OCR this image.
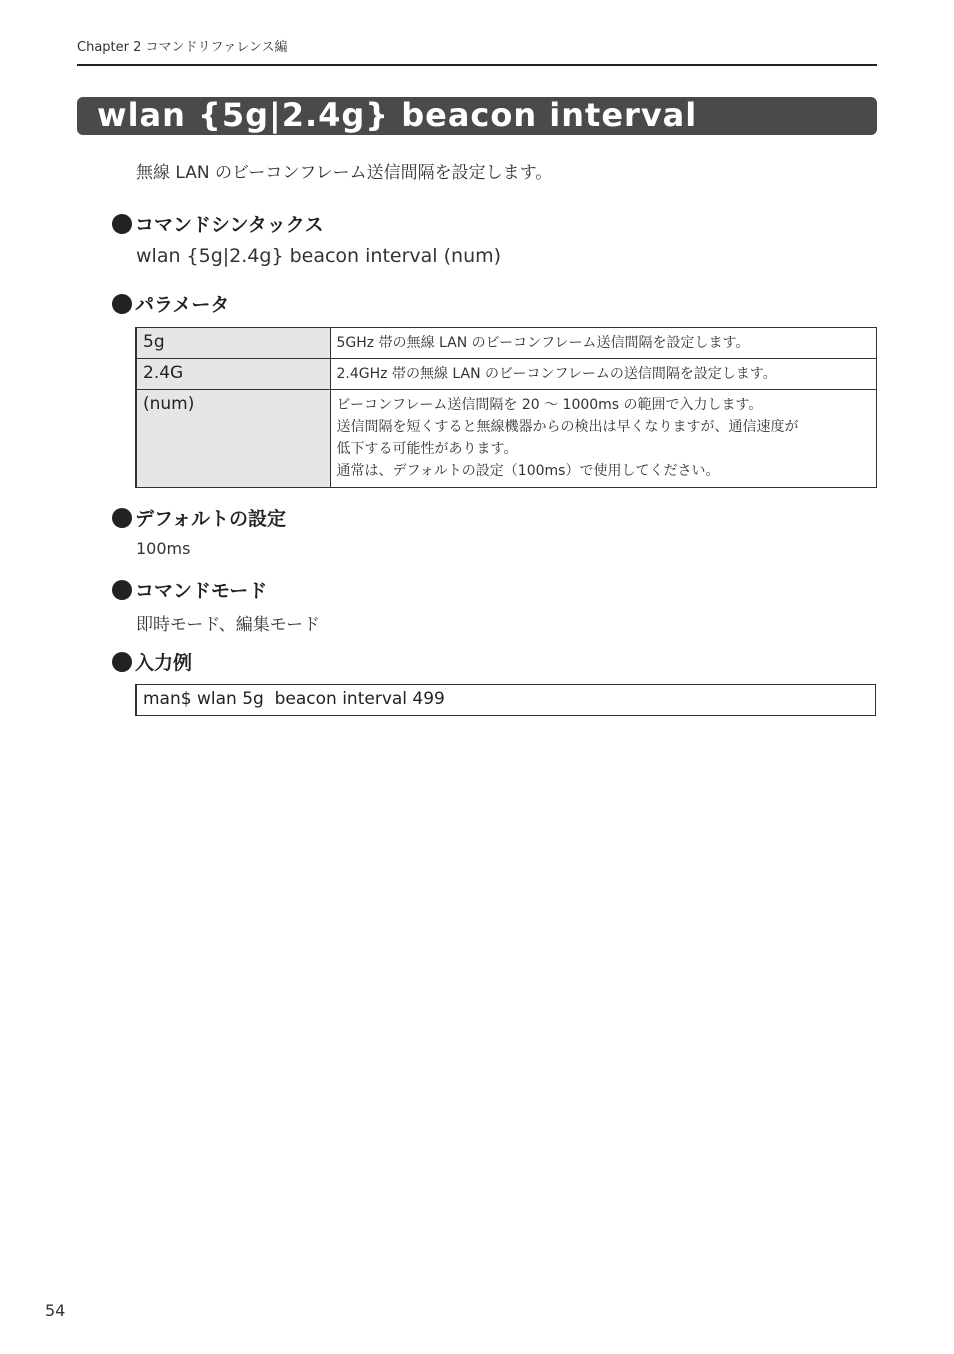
Chapter 2 コマンドリファレンス編
wlan {5g|2.4g} beacon interval
無線 LAN のビーコンフレーム送信間隔を設定します。
コマンドシンタックス
wlan {5g|2.4g} beacon interval (num)
パラメータ
5g	5GHz 帯の無線 LAN のビーコンフレーム送信間隔を設定します。

2.4G	2.4GHz 帯の無線 LAN のビーコンフレームの送信間隔を設定します。

(num)	ビーコンフレーム送信間隔を 20 〜 1000ms の範囲で入力します。
送信間隔を短くすると無線機器からの検出は早くなりますが、通信速度が
低下する可能性があります。
通常は、デフォルトの設定（100ms）で使用してください。
デフォルトの設定
100ms
コマンドモード
即時モード、編集モード
入力例
man$ wlan 5g  beacon interval 499
54
